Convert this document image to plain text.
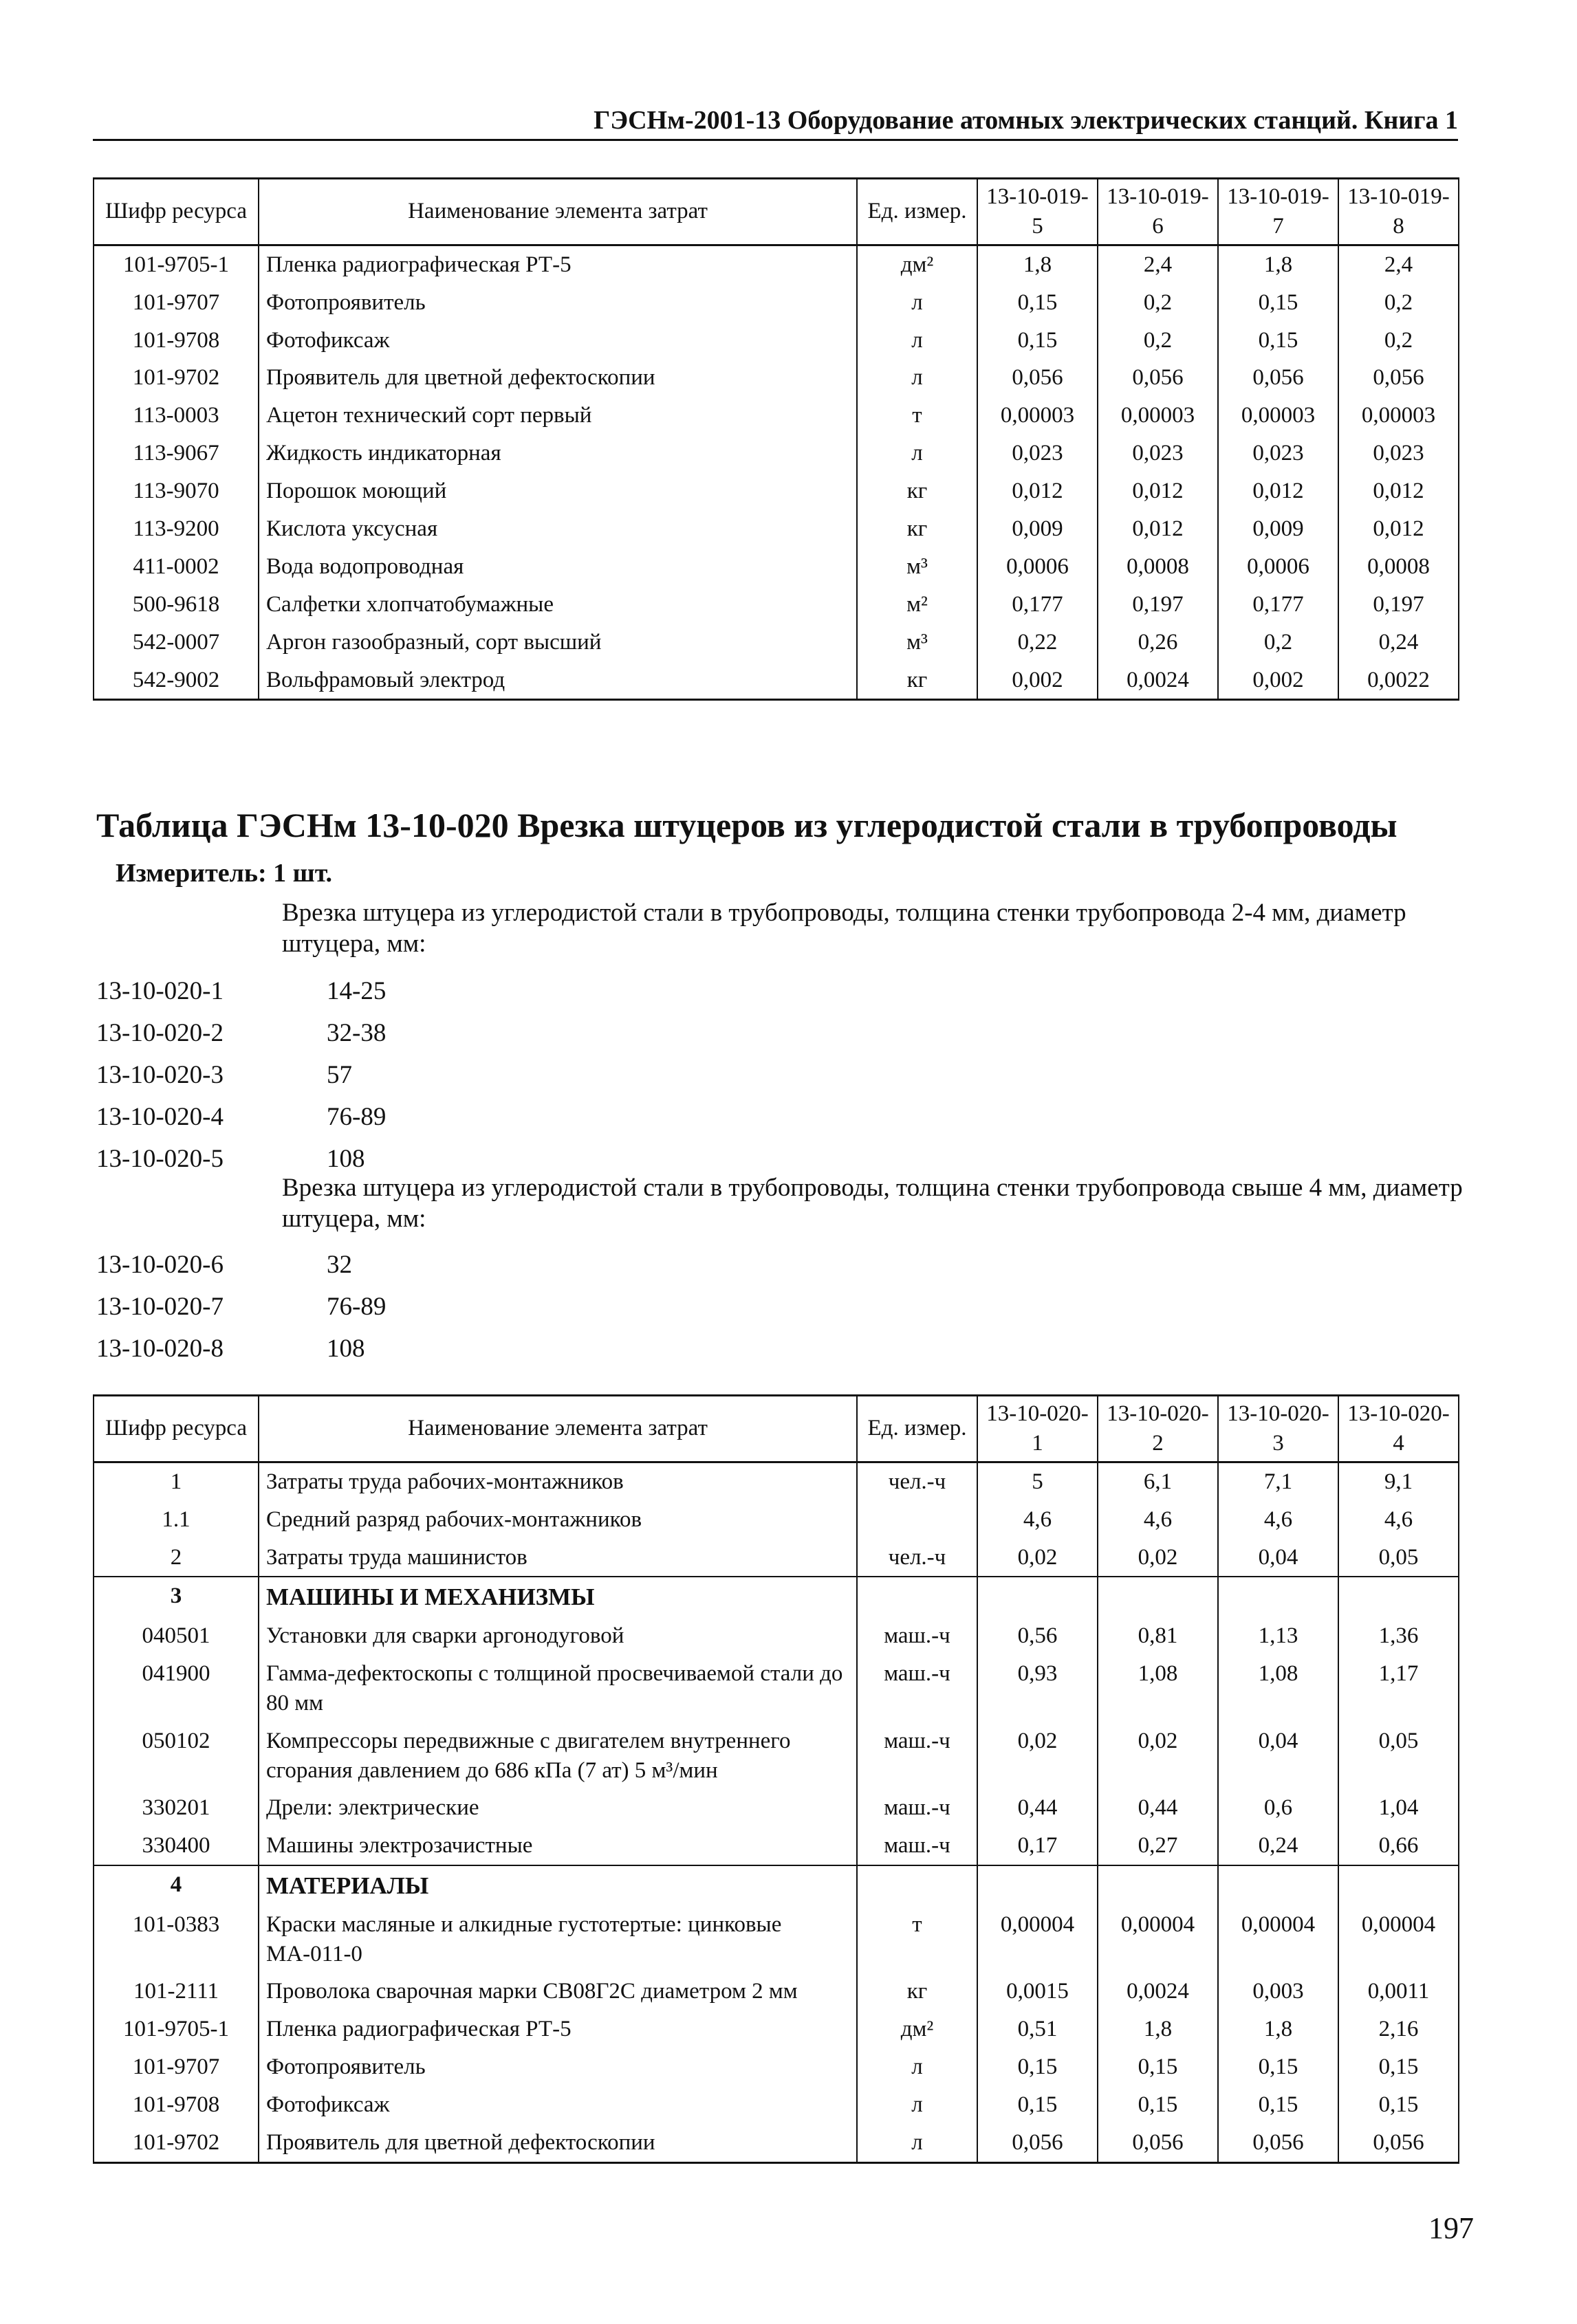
ГЭСНм-2001-13 Оборудование атомных электрических станций. Книга 1
Шифр ресурса	Наименование элемента затрат	Ед. измер.	13-10-019-5	13-10-019-6	13-10-019-7	13-10-019-8
101-9705-1	Пленка радиографическая РТ-5	дм²	1,8	2,4	1,8	2,4
101-9707	Фотопроявитель	л	0,15	0,2	0,15	0,2
101-9708	Фотофиксаж	л	0,15	0,2	0,15	0,2
101-9702	Проявитель для цветной дефектоскопии	л	0,056	0,056	0,056	0,056
113-0003	Ацетон технический сорт первый	т	0,00003	0,00003	0,00003	0,00003
113-9067	Жидкость индикаторная	л	0,023	0,023	0,023	0,023
113-9070	Порошок моющий	кг	0,012	0,012	0,012	0,012
113-9200	Кислота уксусная	кг	0,009	0,012	0,009	0,012
411-0002	Вода водопроводная	м³	0,0006	0,0008	0,0006	0,0008
500-9618	Салфетки хлопчатобумажные	м²	0,177	0,197	0,177	0,197
542-0007	Аргон газообразный, сорт высший	м³	0,22	0,26	0,2	0,24
542-9002	Вольфрамовый электрод	кг	0,002	0,0024	0,002	0,0022
Таблица ГЭСНм 13-10-020 Врезка штуцеров из углеродистой стали в трубопроводы
Измеритель: 1 шт.
Врезка штуцера из углеродистой стали в трубопроводы, толщина стенки трубопровода 2-4 мм, диаметр штуцера, мм:
13-10-020-1	14-25
13-10-020-2	32-38
13-10-020-3	57
13-10-020-4	76-89
13-10-020-5	108
Врезка штуцера из углеродистой стали в трубопроводы, толщина стенки трубопровода свыше 4 мм, диаметр штуцера, мм:
13-10-020-6	32
13-10-020-7	76-89
13-10-020-8	108
Шифр ресурса	Наименование элемента затрат	Ед. измер.	13-10-020-1	13-10-020-2	13-10-020-3	13-10-020-4
1	Затраты труда рабочих-монтажников	чел.-ч	5	6,1	7,1	9,1
1.1	Средний разряд рабочих-монтажников		4,6	4,6	4,6	4,6
2	Затраты труда машинистов	чел.-ч	0,02	0,02	0,04	0,05
3	МАШИНЫ И МЕХАНИЗМЫ					
040501	Установки для сварки аргонодуговой	маш.-ч	0,56	0,81	1,13	1,36
041900	Гамма-дефектоскопы с толщиной просвечиваемой стали до 80 мм	маш.-ч	0,93	1,08	1,08	1,17
050102	Компрессоры передвижные с двигателем внутреннего сгорания давлением до 686 кПа (7 ат) 5 м³/мин	маш.-ч	0,02	0,02	0,04	0,05
330201	Дрели: электрические	маш.-ч	0,44	0,44	0,6	1,04
330400	Машины электрозачистные	маш.-ч	0,17	0,27	0,24	0,66
4	МАТЕРИАЛЫ					
101-0383	Краски масляные и алкидные густотертые: цинковые МА-011-0	т	0,00004	0,00004	0,00004	0,00004
101-2111	Проволока сварочная марки СВ08Г2С диаметром 2 мм	кг	0,0015	0,0024	0,003	0,0011
101-9705-1	Пленка радиографическая РТ-5	дм²	0,51	1,8	1,8	2,16
101-9707	Фотопроявитель	л	0,15	0,15	0,15	0,15
101-9708	Фотофиксаж	л	0,15	0,15	0,15	0,15
101-9702	Проявитель для цветной дефектоскопии	л	0,056	0,056	0,056	0,056
197
